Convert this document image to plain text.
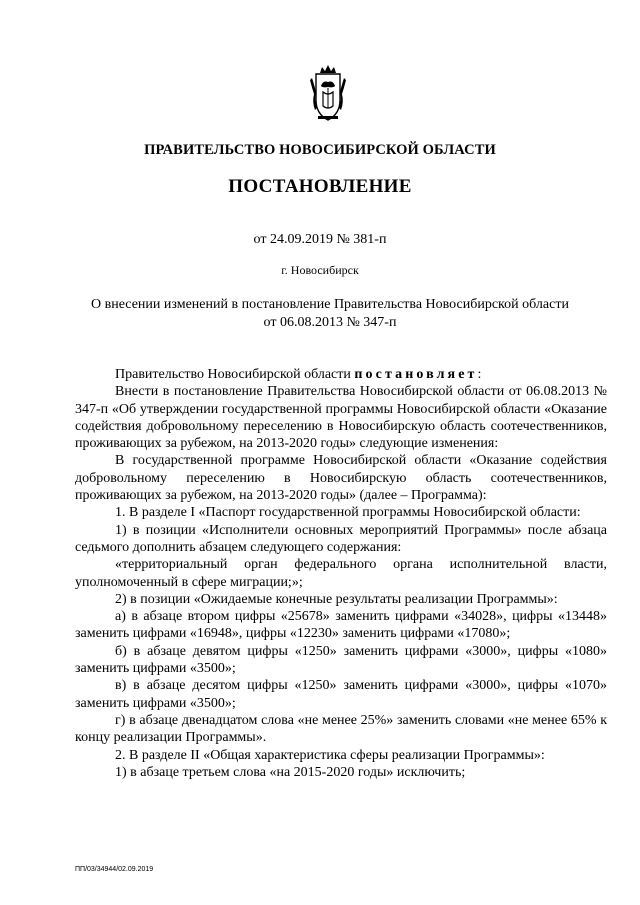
ПРАВИТЕЛЬСТВО НОВОСИБИРСКОЙ ОБЛАСТИ
ПОСТАНОВЛЕНИЕ
от 24.09.2019 № 381-п
г. Новосибирск
О внесении изменений в постановление Правительства Новосибирской области
от 06.08.2013 № 347-п

Правительство Новосибирской области постановляет:

Внести в постановление Правительства Новосибирской области от 06.08.2013 № 347-п «Об утверждении государственной программы Новосибирской области «Оказание содействия добровольному переселению в Новосибирскую область соотечественников, проживающих за рубежом, на 2013-2020 годы» следующие изменения:

В государственной программе Новосибирской области «Оказание содействия добровольному переселению в Новосибирскую область соотечественников, проживающих за рубежом, на 2013-2020 годы» (далее – Программа):

1. В разделе I «Паспорт государственной программы Новосибирской области:

1) в позиции «Исполнители основных мероприятий Программы» после абзаца седьмого дополнить абзацем следующего содержания:

«территориальный орган федерального органа исполнительной власти, уполномоченный в сфере миграции;»;

2) в позиции «Ожидаемые конечные результаты реализации Программы»:

а) в абзаце втором цифры «25678» заменить цифрами «34028», цифры «13448» заменить цифрами «16948», цифры «12230» заменить цифрами «17080»;

б) в абзаце девятом цифры «1250» заменить цифрами «3000», цифры «1080» заменить цифрами «3500»;

в) в абзаце десятом цифры «1250» заменить цифрами «3000», цифры «1070» заменить цифрами «3500»;

г) в абзаце двенадцатом слова «не менее 25%» заменить словами «не менее 65% к концу реализации Программы».

2. В разделе II «Общая характеристика сферы реализации Программы»:

1) в абзаце третьем слова «на 2015-2020 годы» исключить;

ПП/03/34944/02.09.2019
